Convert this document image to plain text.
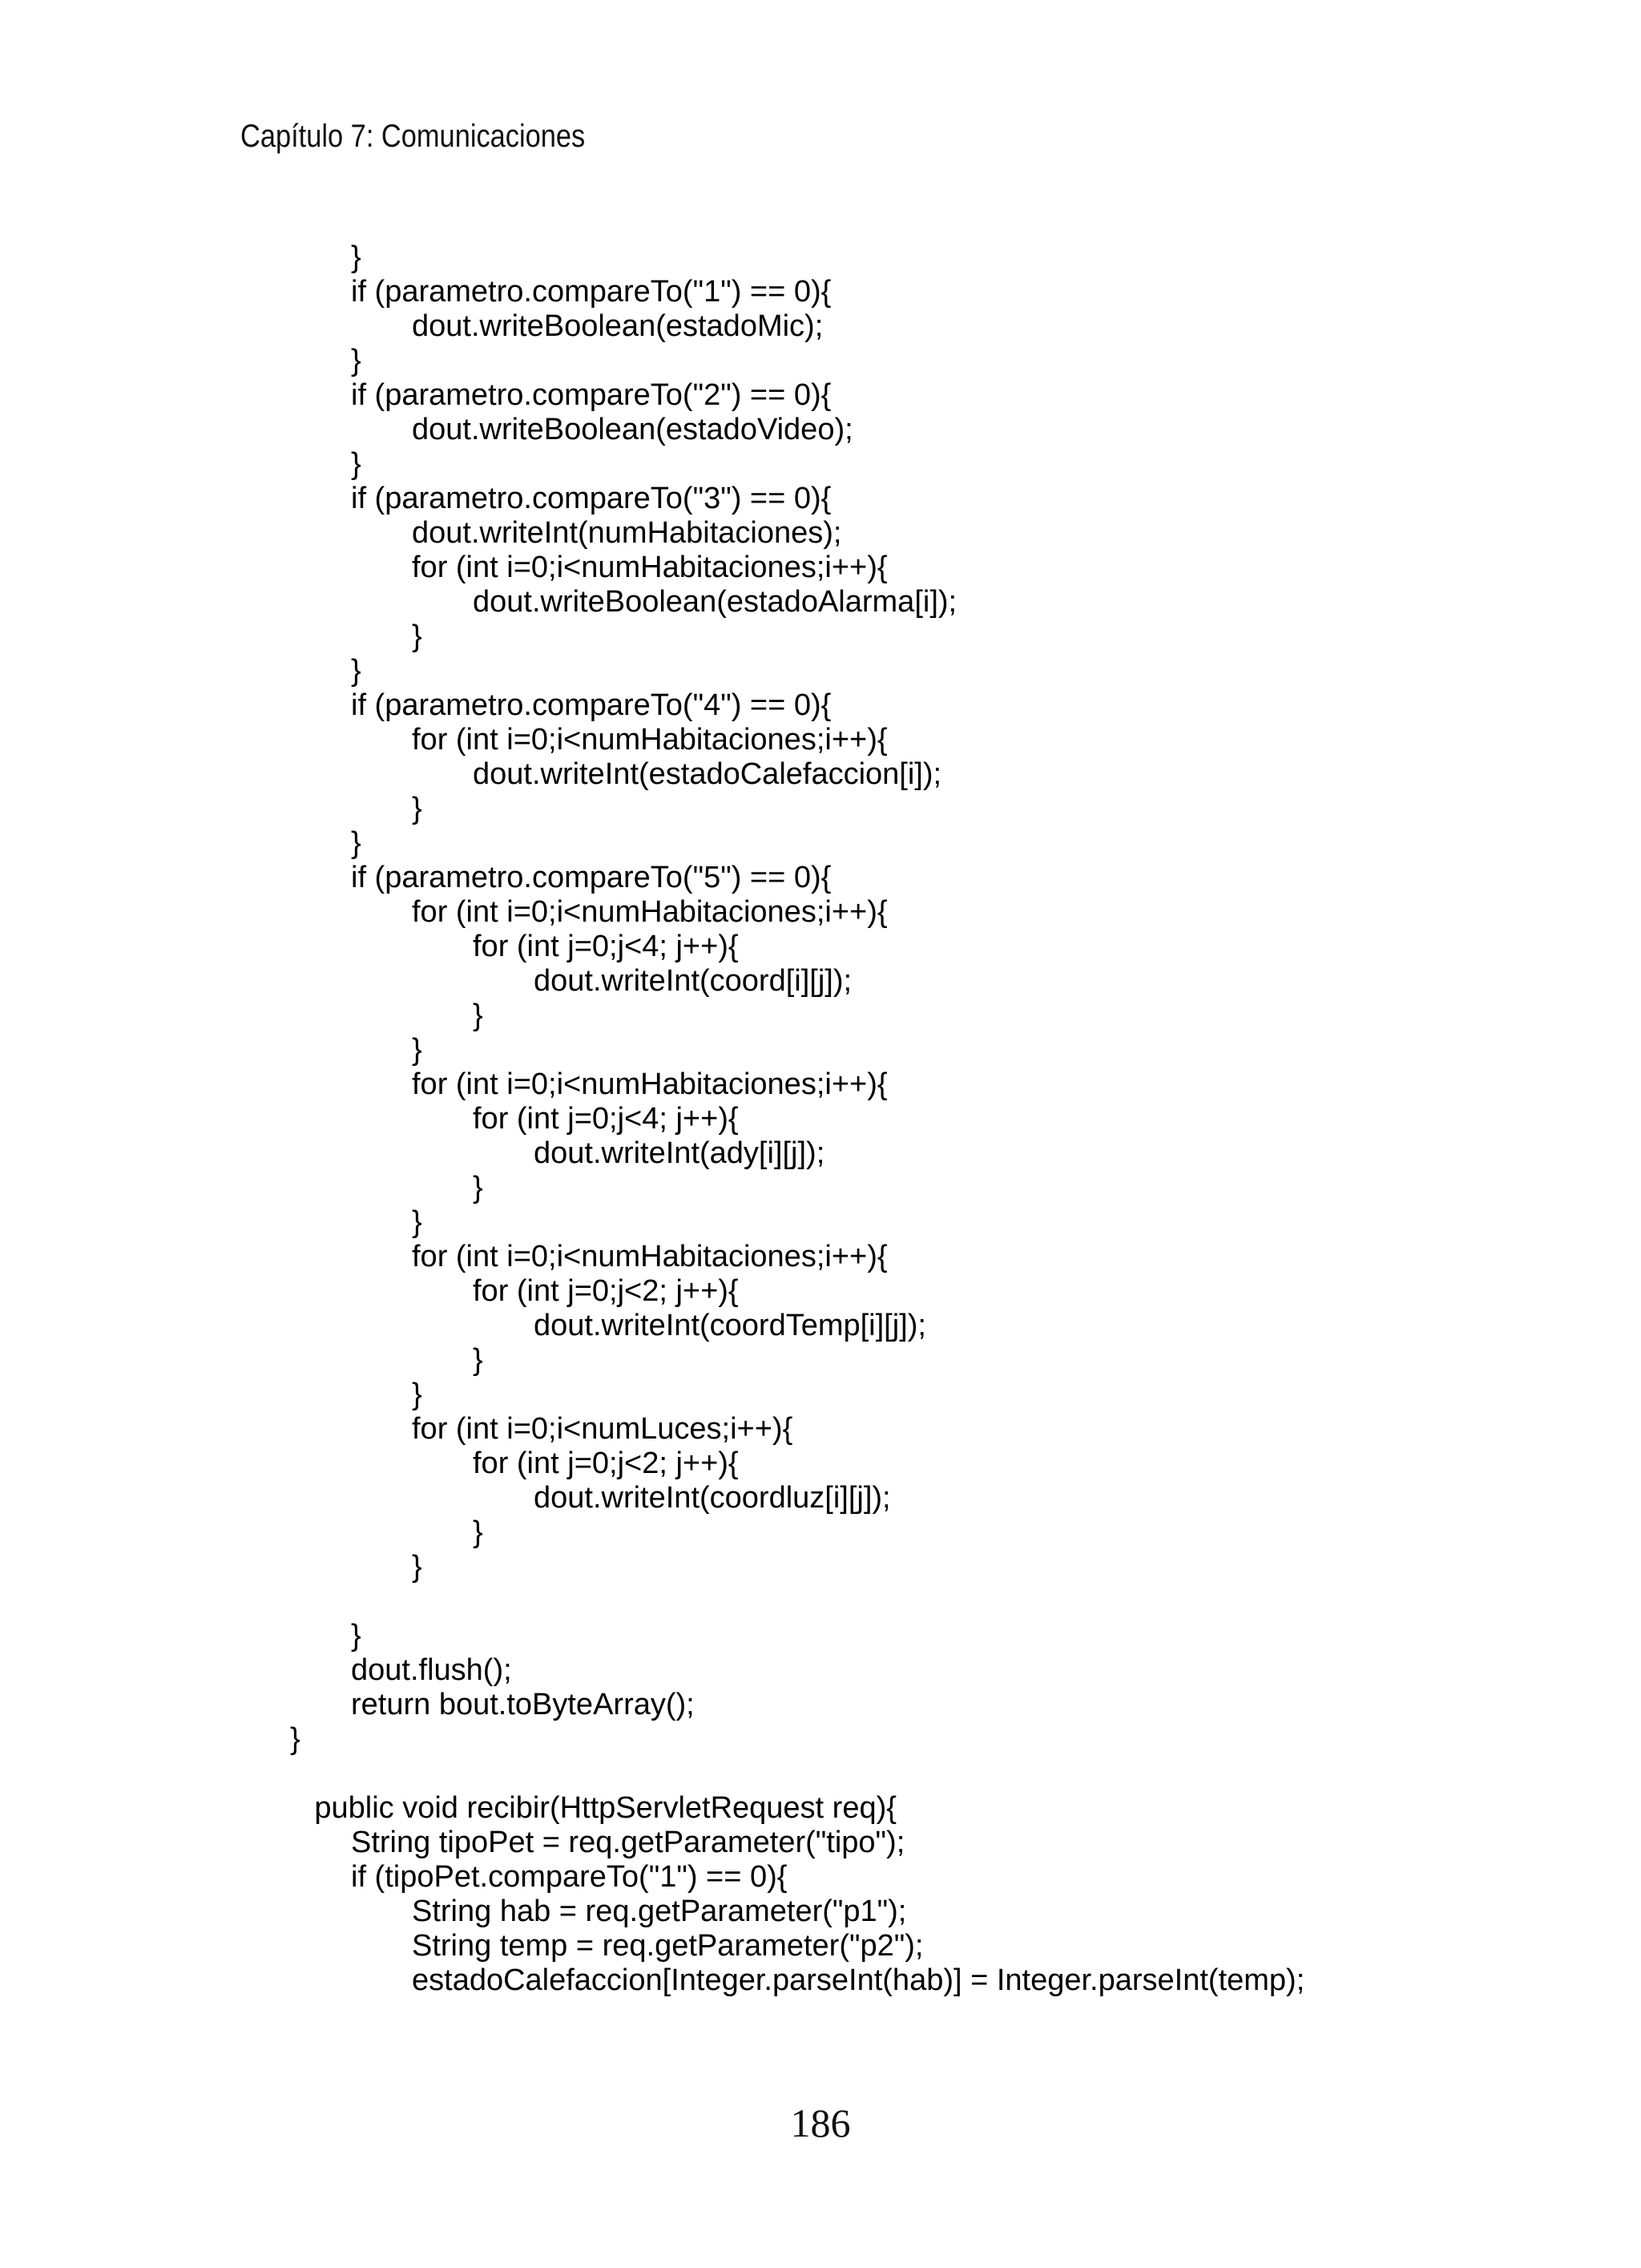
Capítulo 7: Comunicaciones
}
if (parametro.compareTo("1") == 0){
dout.writeBoolean(estadoMic);
}
if (parametro.compareTo("2") == 0){
dout.writeBoolean(estadoVideo);
}
if (parametro.compareTo("3") == 0){
dout.writeInt(numHabitaciones);
for (int i=0;i<numHabitaciones;i++){
dout.writeBoolean(estadoAlarma[i]);
}
}
if (parametro.compareTo("4") == 0){
for (int i=0;i<numHabitaciones;i++){
dout.writeInt(estadoCalefaccion[i]);
}
}
if (parametro.compareTo("5") == 0){
for (int i=0;i<numHabitaciones;i++){
for (int j=0;j<4; j++){
dout.writeInt(coord[i][j]);
}
}
for (int i=0;i<numHabitaciones;i++){
for (int j=0;j<4; j++){
dout.writeInt(ady[i][j]);
}
}
for (int i=0;i<numHabitaciones;i++){
for (int j=0;j<2; j++){
dout.writeInt(coordTemp[i][j]);
}
}
for (int i=0;i<numLuces;i++){
for (int j=0;j<2; j++){
dout.writeInt(coordluz[i][j]);
}
}
}
dout.flush();
return bout.toByteArray();
}
public void recibir(HttpServletRequest req){
String tipoPet = req.getParameter("tipo");
if (tipoPet.compareTo("1") == 0){
String hab = req.getParameter("p1");
String temp = req.getParameter("p2");
estadoCalefaccion[Integer.parseInt(hab)] = Integer.parseInt(temp);
186
